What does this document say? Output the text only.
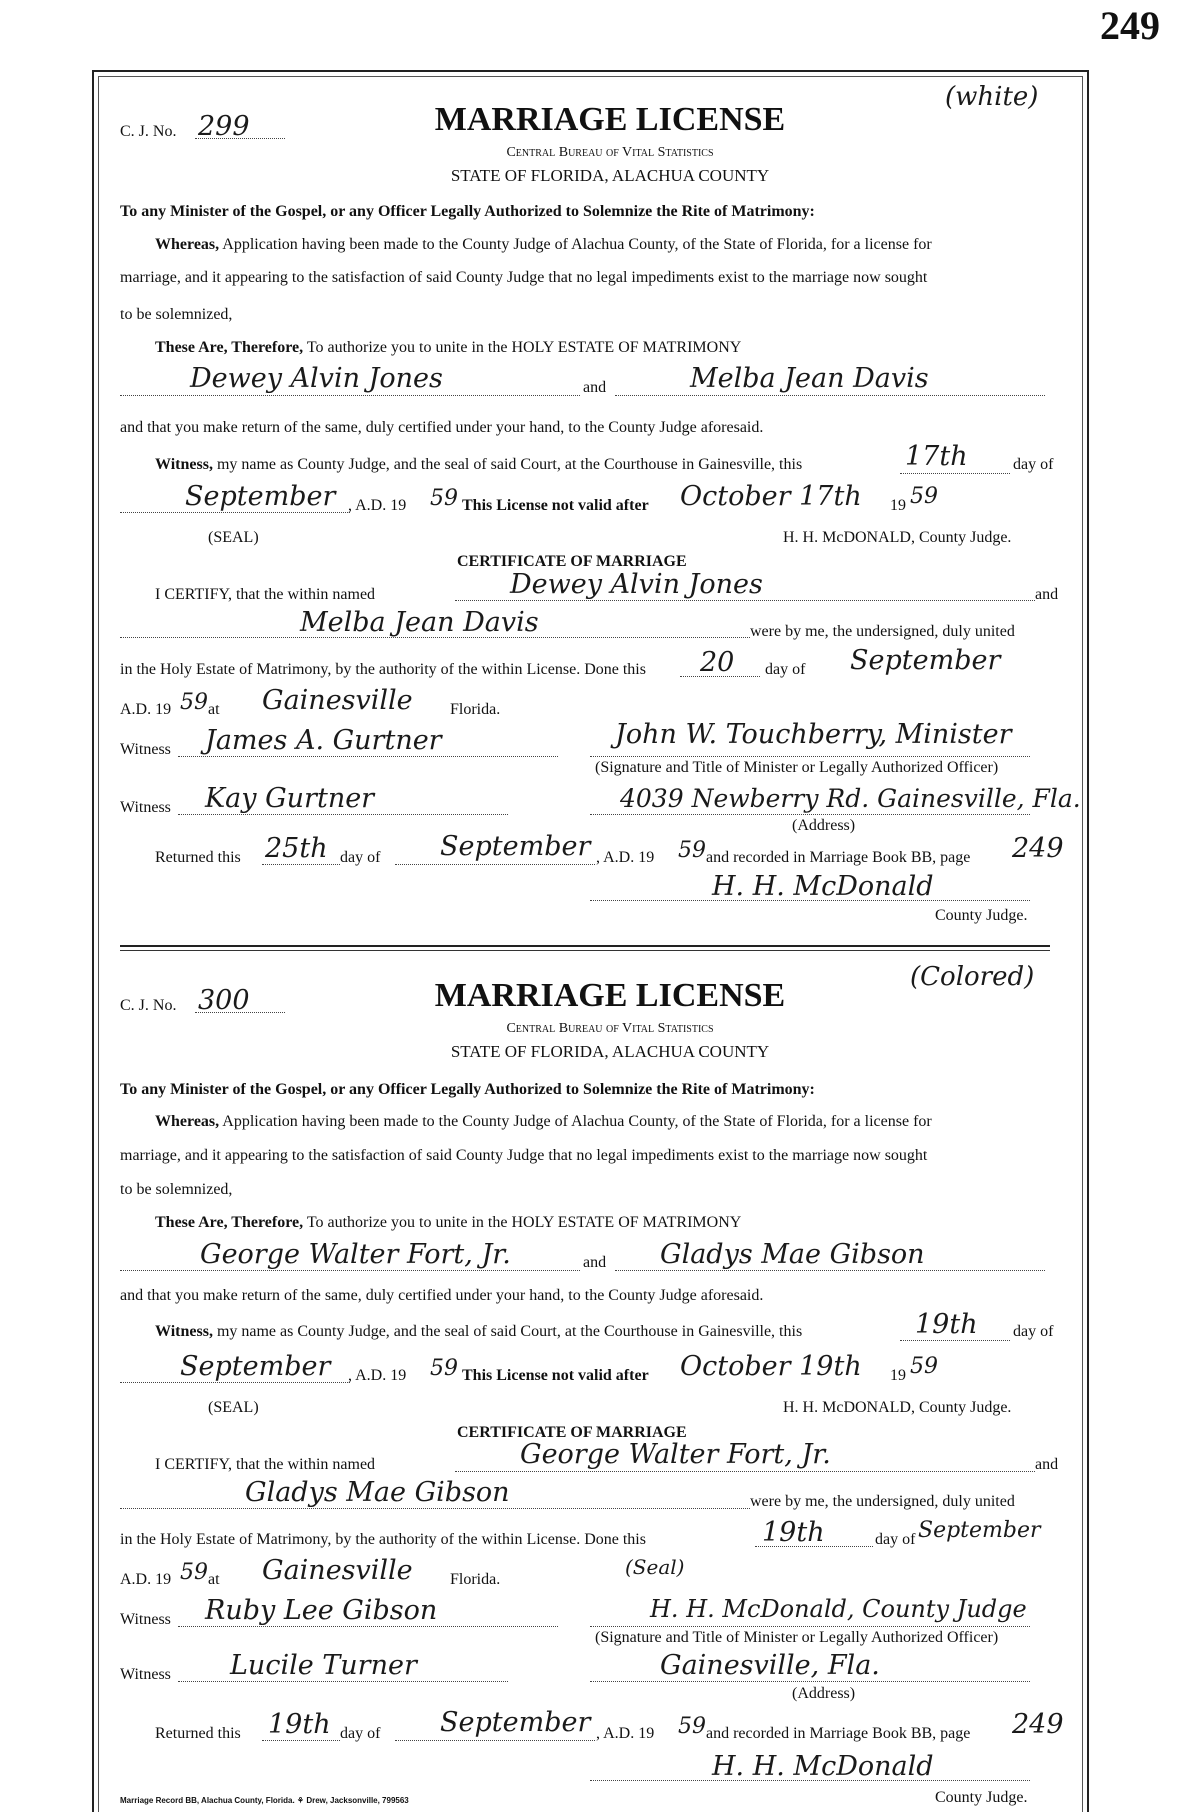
249
C. J. No. 299	MARRIAGE LICENSE
(white)
Central Bureau of Vital Statistics
STATE OF FLORIDA, ALACHUA COUNTY
To any Minister of the Gospel, or any Officer Legally Authorized to Solemnize the Rite of Matrimony:
Whereas, Application having been made to the County Judge of Alachua County, of the State of Florida, for a license for
marriage, and it appearing to the satisfaction of said County Judge that no legal impediments exist to the marriage now sought
to be solemnized,
These Are, Therefore, To authorize you to unite in the HOLY ESTATE OF MATRIMONY
Dewey Alvin Jones	and	Melba Jean Davis
and that you make return of the same, duly certified under your hand, to the County Judge aforesaid.
Witness, my name as County Judge, and the seal of said Court, at the Courthouse in Gainesville, this	17th	day of
September , A.D. 19 59 This License not valid after October 17th 19 59
(SEAL)	H. H. McDONALD, County Judge.
CERTIFICATE OF MARRIAGE
I CERTIFY, that the within named	Dewey Alvin Jones	and
Melba Jean Davis	were by me, the undersigned, duly united
in the Holy Estate of Matrimony, by the authority of the within License. Done this 20 day of September
A.D. 19 59 at Gainesville Florida.
Witness James A. Gurtner	John W. Touchberry, Minister
(Signature and Title of Minister or Legally Authorized Officer)
Witness Kay Gurtner	4039 Newberry Rd. Gainesville, Fla.
(Address)
Returned this 25th day of September , A.D. 19 59 and recorded in Marriage Book BB, page 249
H. H. McDonald
County Judge.
C. J. No. 300	MARRIAGE LICENSE	(Colored)
Central Bureau of Vital Statistics
STATE OF FLORIDA, ALACHUA COUNTY
To any Minister of the Gospel, or any Officer Legally Authorized to Solemnize the Rite of Matrimony:
Whereas, Application having been made to the County Judge of Alachua County, of the State of Florida, for a license for
marriage, and it appearing to the satisfaction of said County Judge that no legal impediments exist to the marriage now sought
to be solemnized,
These Are, Therefore, To authorize you to unite in the HOLY ESTATE OF MATRIMONY
George Walter Fort, Jr.	and Gladys Mae Gibson
and that you make return of the same, duly certified under your hand, to the County Judge aforesaid.
Witness, my name as County Judge, and the seal of said Court, at the Courthouse in Gainesville, this	19th day of
September , A.D. 19 59 This License not valid after October 19th 19 59
(SEAL)	H. H. McDONALD, County Judge.
CERTIFICATE OF MARRIAGE
I CERTIFY, that the within named	George Walter Fort, Jr.	and
Gladys Mae Gibson	were by me, the undersigned, duly united
in the Holy Estate of Matrimony, by the authority of the within License. Done this	19th	day of September
A.D. 19 59 at Gainesville Florida.
(Seal)
Witness Ruby Lee Gibson	H. H. McDonald, County Judge
(Signature and Title of Minister or Legally Authorized Officer)
Witness Lucile Turner	Gainesville, Fla.
(Address)
Returned this 19th day of September , A.D. 19 59 and recorded in Marriage Book BB, page 249
H. H. McDonald
County Judge.
Marriage Record BB, Alachua County, Florida. ⚘ Drew, Jacksonville, 799563
